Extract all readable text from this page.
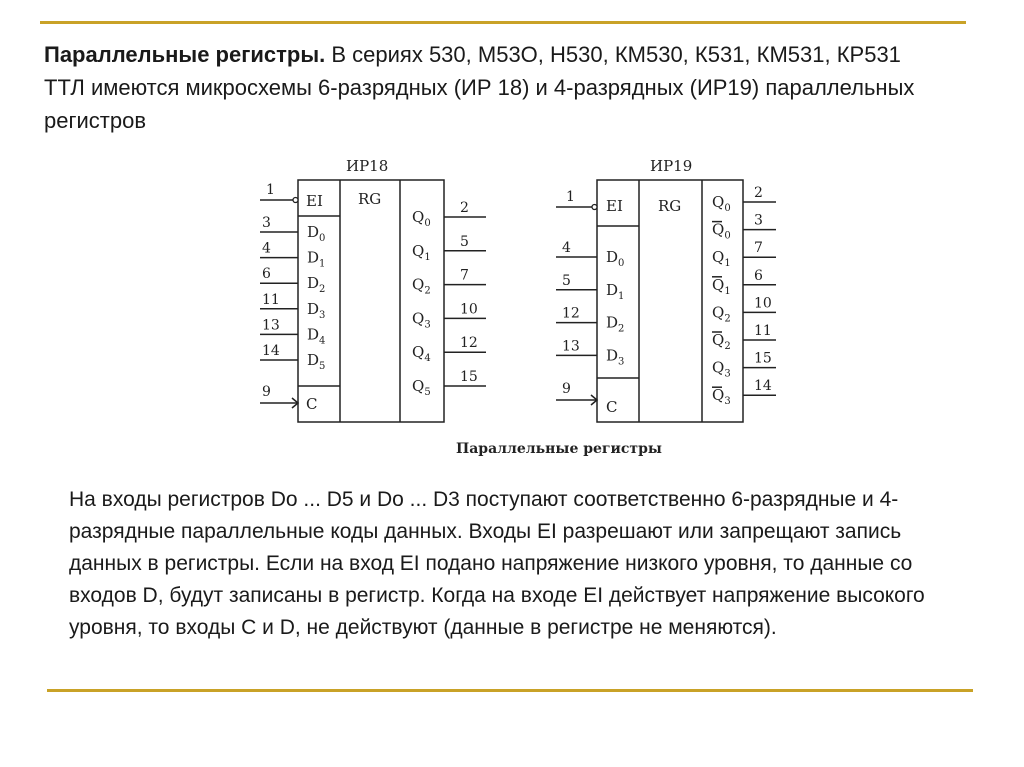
Параллельные регистры. В сериях 530, М53О, Н530, КМ530, К531, КМ531, КР531 ТТЛ имеются микросхемы 6-разрядных (ИР 18) и 4-разрядных (ИР19) параллельных регистров

ИР18
RG
EI
1
C
9
3 $D_0$
4 $D_1$
6 $D_2$
11 $D_3$
13 $D_4$
14 $D_5$
2
$Q_0$
5
$Q_1$
7
$Q_2$
10
$Q_3$
12
$Q_4$
15
$Q_5$
ИР19
RG
EI
1
C
9
4 $D_0$
5 $D_1$
12 $D_2$
13 $D_3$
2
$Q_0$
3
$Q_0$
7
$Q_1$
6
$Q_1$
10
$Q_2$
11
$Q_2$
15
$Q_3$
14
$Q_3$
Параллельные регистры

На входы регистров Do ... D5 и Do ... D3 поступают соответственно 6-разрядные и 4-разрядные параллельные коды данных. Входы EI разрешают или запрещают запись данных в регистры. Если на вход EI подано напряжение низкого уровня, то данные со входов D, будут записаны в регистр. Когда на входе EI действует напряжение высокого уровня, то входы С и D, не действуют (данные в регистре не меняются).
